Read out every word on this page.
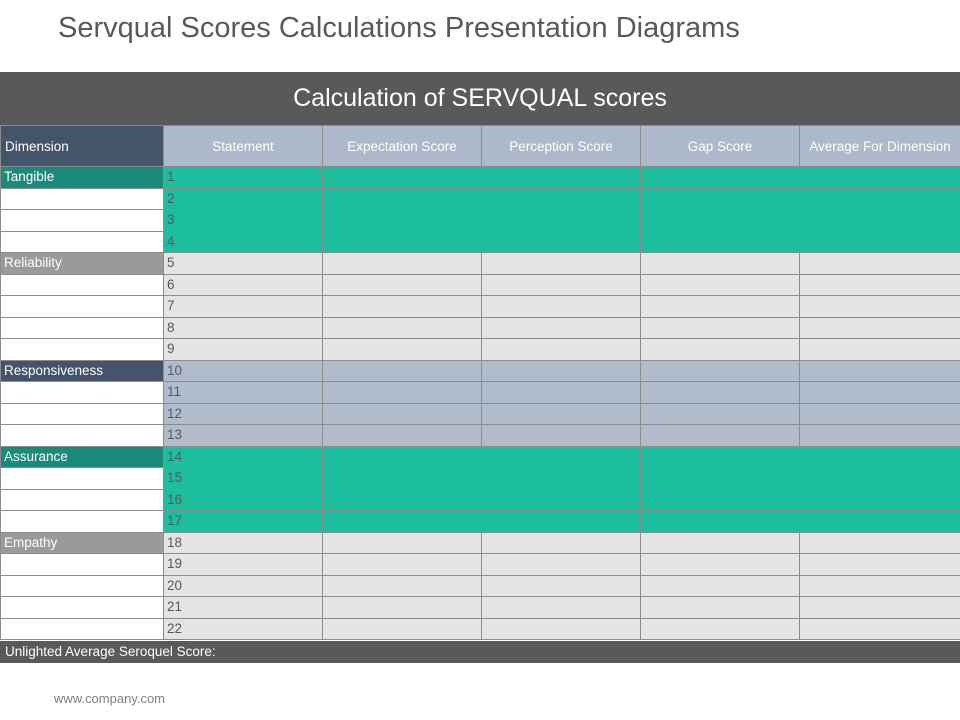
Servqual Scores Calculations Presentation Diagrams
Calculation of SERVQUAL scores
Dimension	Statement	Expectation Score	Perception Score	Gap Score	Average For Dimension
Tangible	1				
	2				
	3				
	4				
Reliability	5				
	6				
	7				
	8				
	9				
Responsiveness	10				
	11				
	12				
	13				
Assurance	14				
	15				
	16				
	17				
Empathy	18				
	19				
	20				
	21				
	22				
Unlighted Average Seroquel Score:
www.company.com
